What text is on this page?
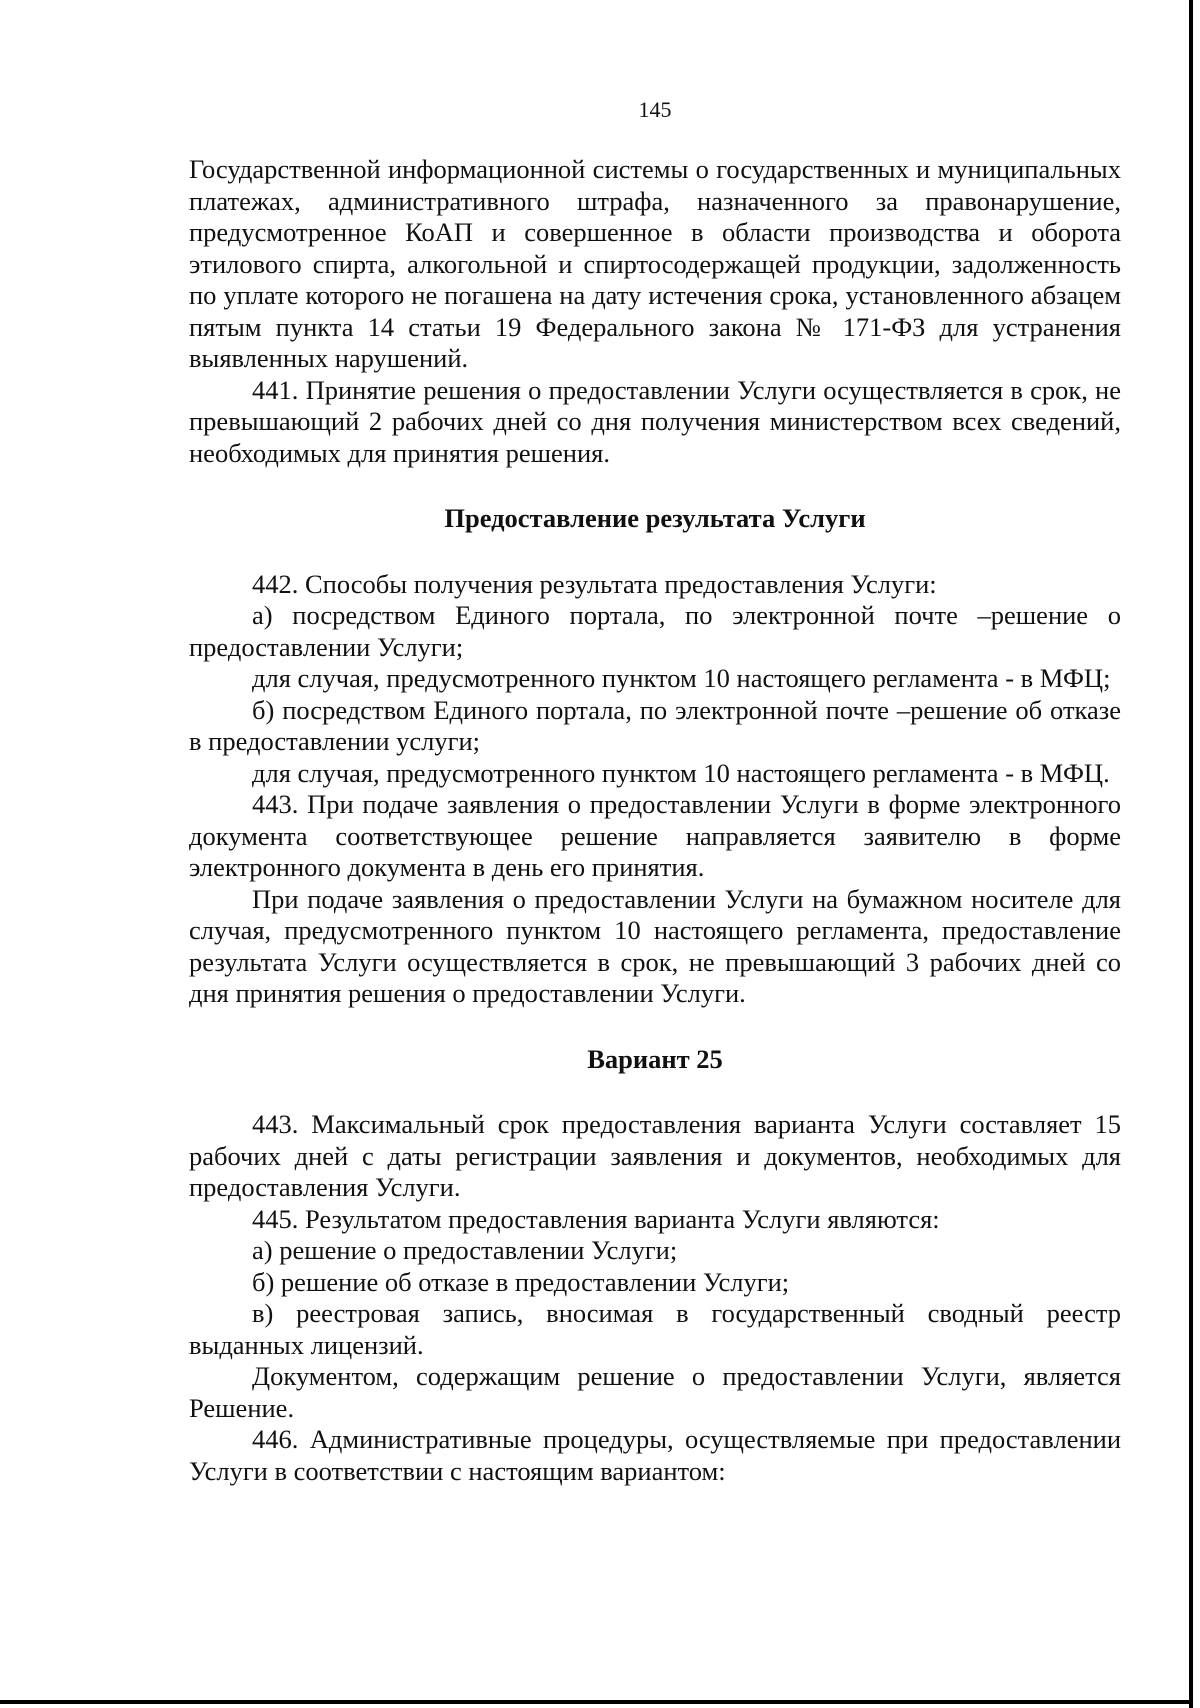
145

Государственной информационной системы о государственных и муниципальных платежах, административного штрафа, назначенного за правонарушение, предусмотренное КоАП и совершенное в области производства и оборота этилового спирта, алкогольной и спиртосодержащей продукции, задолженность по уплате которого не погашена на дату истечения срока, установленного абзацем пятым пункта 14 статьи 19 Федерального закона № 171-ФЗ для устранения выявленных нарушений.

441. Принятие решения о предоставлении Услуги осуществляется в срок, не превышающий 2 рабочих дней со дня получения министерством всех сведений, необходимых для принятия решения.

Предоставление результата Услуги

442. Способы получения результата предоставления Услуги:

а) посредством Единого портала, по электронной почте –решение о предоставлении Услуги;

для случая, предусмотренного пунктом 10 настоящего регламента - в МФЦ;

б) посредством Единого портала, по электронной почте –решение об отказе в предоставлении услуги;

для случая, предусмотренного пунктом 10 настоящего регламента - в МФЦ.

443. При подаче заявления о предоставлении Услуги в форме электронного документа соответствующее решение направляется заявителю в форме электронного документа в день его принятия.

При подаче заявления о предоставлении Услуги на бумажном носителе для случая, предусмотренного пунктом 10 настоящего регламента, предоставление результата Услуги осуществляется в срок, не превышающий 3 рабочих дней со дня принятия решения о предоставлении Услуги.

Вариант 25

443. Максимальный срок предоставления варианта Услуги составляет 15 рабочих дней с даты регистрации заявления и документов, необходимых для предоставления Услуги.

445. Результатом предоставления варианта Услуги являются:

а) решение о предоставлении Услуги;

б) решение об отказе в предоставлении Услуги;

в) реестровая запись, вносимая в государственный сводный реестр выданных лицензий.

Документом, содержащим решение о предоставлении Услуги, является Решение.

446. Административные процедуры, осуществляемые при предоставлении Услуги в соответствии с настоящим вариантом:
